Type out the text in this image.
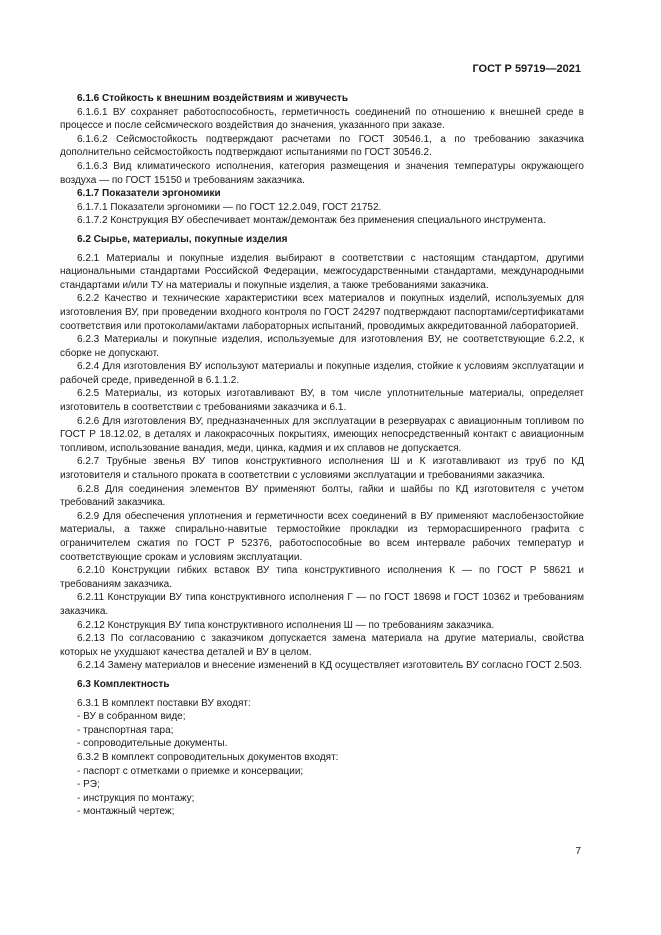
ГОСТ Р 59719—2021

6.1.6 Стойкость к внешним воздействиям и живучесть

6.1.6.1 ВУ сохраняет работоспособность, герметичность соединений по отношению к внешней среде в процессе и после сейсмического воздействия до значения, указанного при заказе.

6.1.6.2 Сейсмостойкость подтверждают расчетами по ГОСТ 30546.1, а по требованию заказчика дополнительно сейсмостойкость подтверждают испытаниями по ГОСТ 30546.2.

6.1.6.3 Вид климатического исполнения, категория размещения и значения температуры окружающего воздуха — по ГОСТ 15150 и требованиям заказчика.

6.1.7 Показатели эргономики

6.1.7.1 Показатели эргономики — по ГОСТ 12.2.049, ГОСТ 21752.

6.1.7.2 Конструкция ВУ обеспечивает монтаж/демонтаж без применения специального инструмента.

6.2 Сырье, материалы, покупные изделия

6.2.1 Материалы и покупные изделия выбирают в соответствии с настоящим стандартом, другими национальными стандартами Российской Федерации, межгосударственными стандартами, международными стандартами и/или ТУ на материалы и покупные изделия, а также требованиями заказчика.

6.2.2 Качество и технические характеристики всех материалов и покупных изделий, используемых для изготовления ВУ, при проведении входного контроля по ГОСТ 24297 подтверждают паспортами/сертификатами соответствия или протоколами/актами лабораторных испытаний, проводимых аккредитованной лабораторией.

6.2.3 Материалы и покупные изделия, используемые для изготовления ВУ, не соответствующие 6.2.2, к сборке не допускают.

6.2.4 Для изготовления ВУ используют материалы и покупные изделия, стойкие к условиям эксплуатации и рабочей среде, приведенной в 6.1.1.2.

6.2.5 Материалы, из которых изготавливают ВУ, в том числе уплотнительные материалы, определяет изготовитель в соответствии с требованиями заказчика и 6.1.

6.2.6 Для изготовления ВУ, предназначенных для эксплуатации в резервуарах с авиационным топливом по ГОСТ Р 18.12.02, в деталях и лакокрасочных покрытиях, имеющих непосредственный контакт с авиационным топливом, использование ванадия, меди, цинка, кадмия и их сплавов не допускается.

6.2.7 Трубные звенья ВУ типов конструктивного исполнения Ш и К изготавливают из труб по КД изготовителя и стального проката в соответствии с условиями эксплуатации и требованиями заказчика.

6.2.8 Для соединения элементов ВУ применяют болты, гайки и шайбы по КД изготовителя с учетом требований заказчика.

6.2.9 Для обеспечения уплотнения и герметичности всех соединений в ВУ применяют маслобензостойкие материалы, а также спирально-навитые термостойкие прокладки из терморасширенного графита с ограничителем сжатия по ГОСТ Р 52376, работоспособные во всем интервале рабочих температур и соответствующие срокам и условиям эксплуатации.

6.2.10 Конструкции гибких вставок ВУ типа конструктивного исполнения К — по ГОСТ Р 58621 и требованиям заказчика.

6.2.11 Конструкции ВУ типа конструктивного исполнения Г — по ГОСТ 18698 и ГОСТ 10362 и требованиям заказчика.

6.2.12 Конструкция ВУ типа конструктивного исполнения Ш — по требованиям заказчика.

6.2.13 По согласованию с заказчиком допускается замена материала на другие материалы, свойства которых не ухудшают качества деталей и ВУ в целом.

6.2.14 Замену материалов и внесение изменений в КД осуществляет изготовитель ВУ согласно ГОСТ 2.503.

6.3 Комплектность

6.3.1 В комплект поставки ВУ входят:

- ВУ в собранном виде;

- транспортная тара;

- сопроводительные документы.

6.3.2 В комплект сопроводительных документов входят:

- паспорт с отметками о приемке и консервации;

- РЭ;

- инструкция по монтажу;

- монтажный чертеж;

7
